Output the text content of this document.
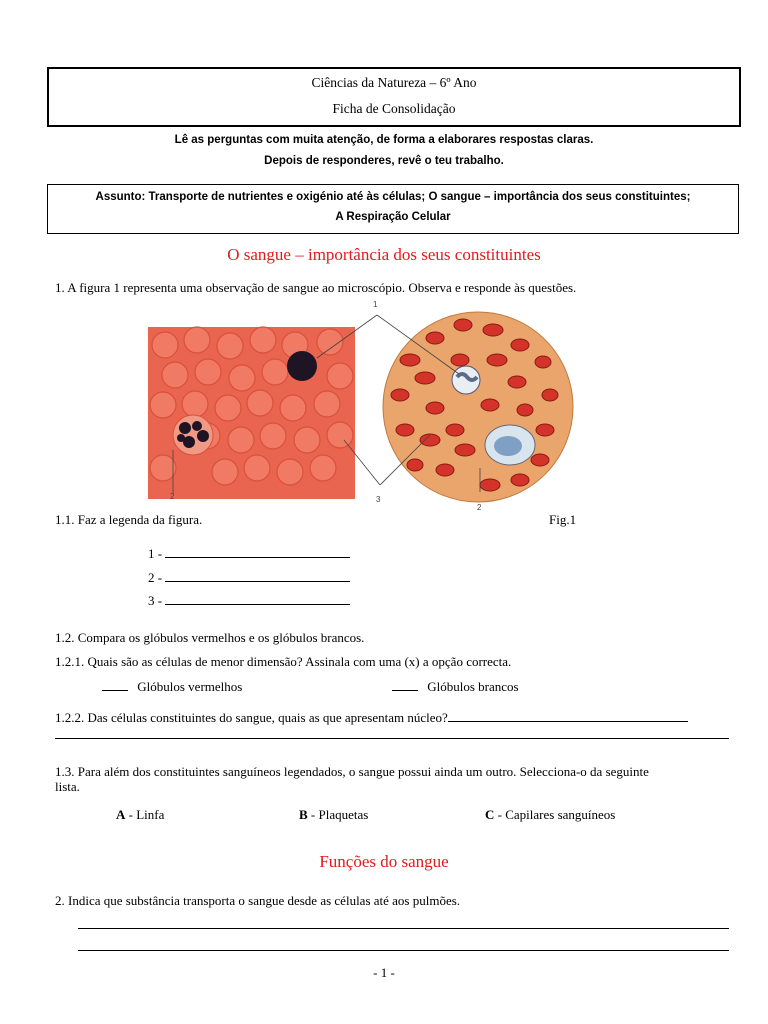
Ciências da Natureza – 6º Ano
Ficha de Consolidação
Lê as perguntas com muita atenção, de forma a elaborares respostas claras.
Depois de responderes, revê o teu trabalho.
Assunto: Transporte de nutrientes e oxigénio até às células; O sangue – importância dos seus constituintes;
A Respiração Celular
O sangue – importância dos seus constituintes
1. A figura 1 representa uma observação de sangue ao microscópio. Observa e responde às questões.
1
2	3
2
1.1. Faz a legenda da figura.	Fig.1
1 -
2 -
3 -
1.2. Compara os glóbulos vermelhos e os glóbulos brancos.
1.2.1. Quais são as células de menor dimensão? Assinala com uma (x) a opção correcta.
Glóbulos vermelhos	Glóbulos brancos
1.2.2. Das células constituintes do sangue, quais as que apresentam núcleo?
1.3. Para além dos constituintes sanguíneos legendados, o sangue possui ainda um outro. Selecciona-o da seguinte
lista.
A - Linfa	B - Plaquetas	C - Capilares sanguíneos
Funções do sangue
2. Indica que substância transporta o sangue desde as células até aos pulmões.
- 1 -
